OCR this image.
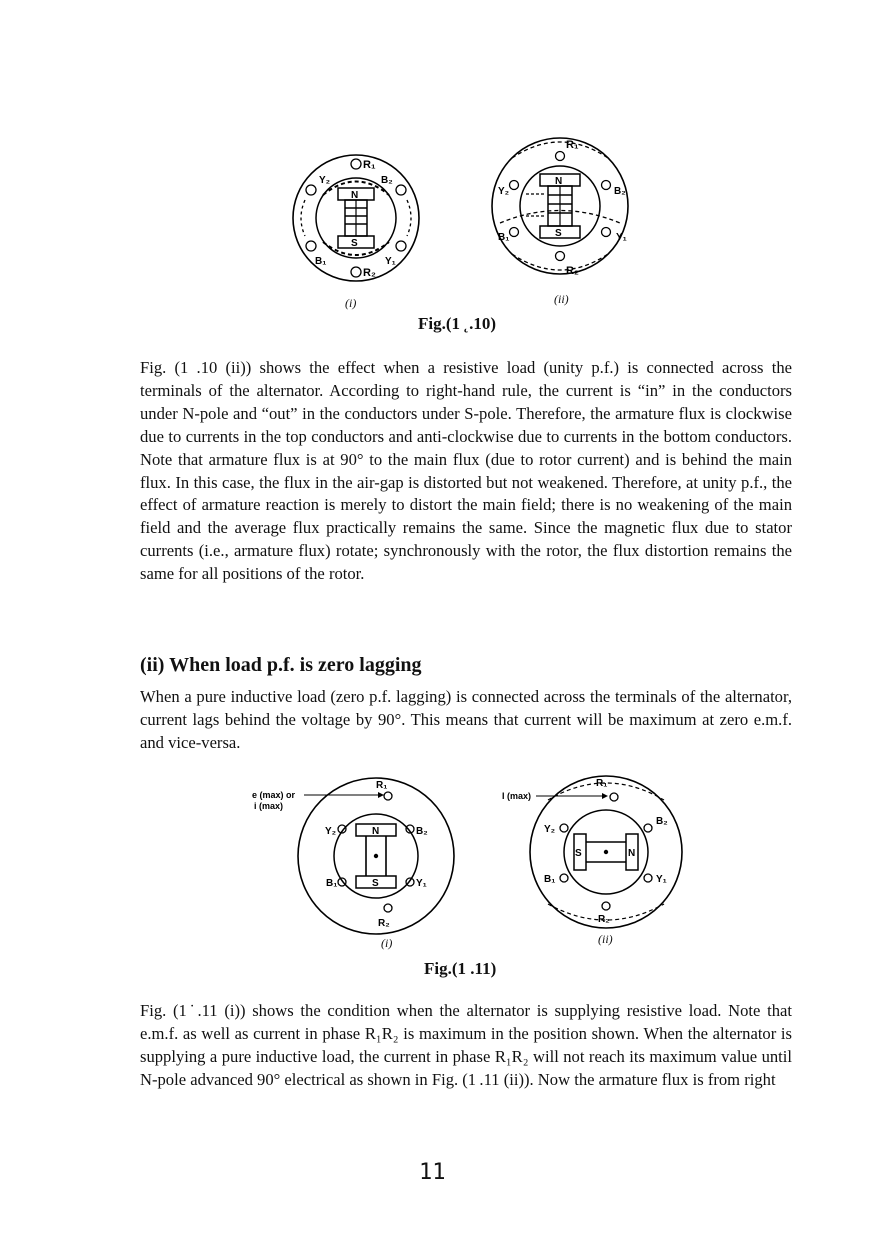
R₁
R₂
Y₂	B₂
B₁	Y₁
N
S
R₁
R₂
Y₂	B₂
B₁	Y₁
N
S
(i)	(ii)
Fig.(1 ˛.10)

Fig. (1 .10 (ii)) shows the effect when a resistive load (unity p.f.) is connected across the terminals of the alternator. According to right-hand rule, the current is “in” in the conductors under N-pole and “out” in the conductors under S-pole. Therefore, the armature flux is clockwise due to currents in the top conductors and anti-clockwise due to currents in the bottom conductors. Note that armature flux is at 90° to the main flux (due to rotor current) and is behind the main flux. In this case, the flux in the air-gap is distorted but not weakened. Therefore, at unity p.f., the effect of armature reaction is merely to distort the main field; there is no weakening of the main field and the average flux practically remains the same. Since the magnetic flux due to stator currents (i.e., armature flux) rotate; synchronously with the rotor, the flux distortion remains the same for all positions of the rotor.

(ii) When load p.f. is zero lagging

When a pure inductive load (zero p.f. lagging) is connected across the terminals of the alternator, current lags behind the voltage by 90°. This means that current will be maximum at zero e.m.f. and vice-versa.

e (max) or
i (max)
R₁
R₂
Y₂	B₂
B₁	Y₁
N
S
I (max)
R₁
R₂
Y₂
B₂
B₁	Y₁
N
S
(i)	(ii)
Fig.(1 .11)

Fig. (1˙.11 (i)) shows the condition when the alternator is supplying resistive load. Note that e.m.f. as well as current in phase R₁R₂ is maximum in the position shown. When the alternator is supplying a pure inductive load, the current in phase R₁R₂ will not reach its maximum value until N-pole advanced 90° electrical as shown in Fig. (1 .11 (ii)). Now the armature flux is from right

11
